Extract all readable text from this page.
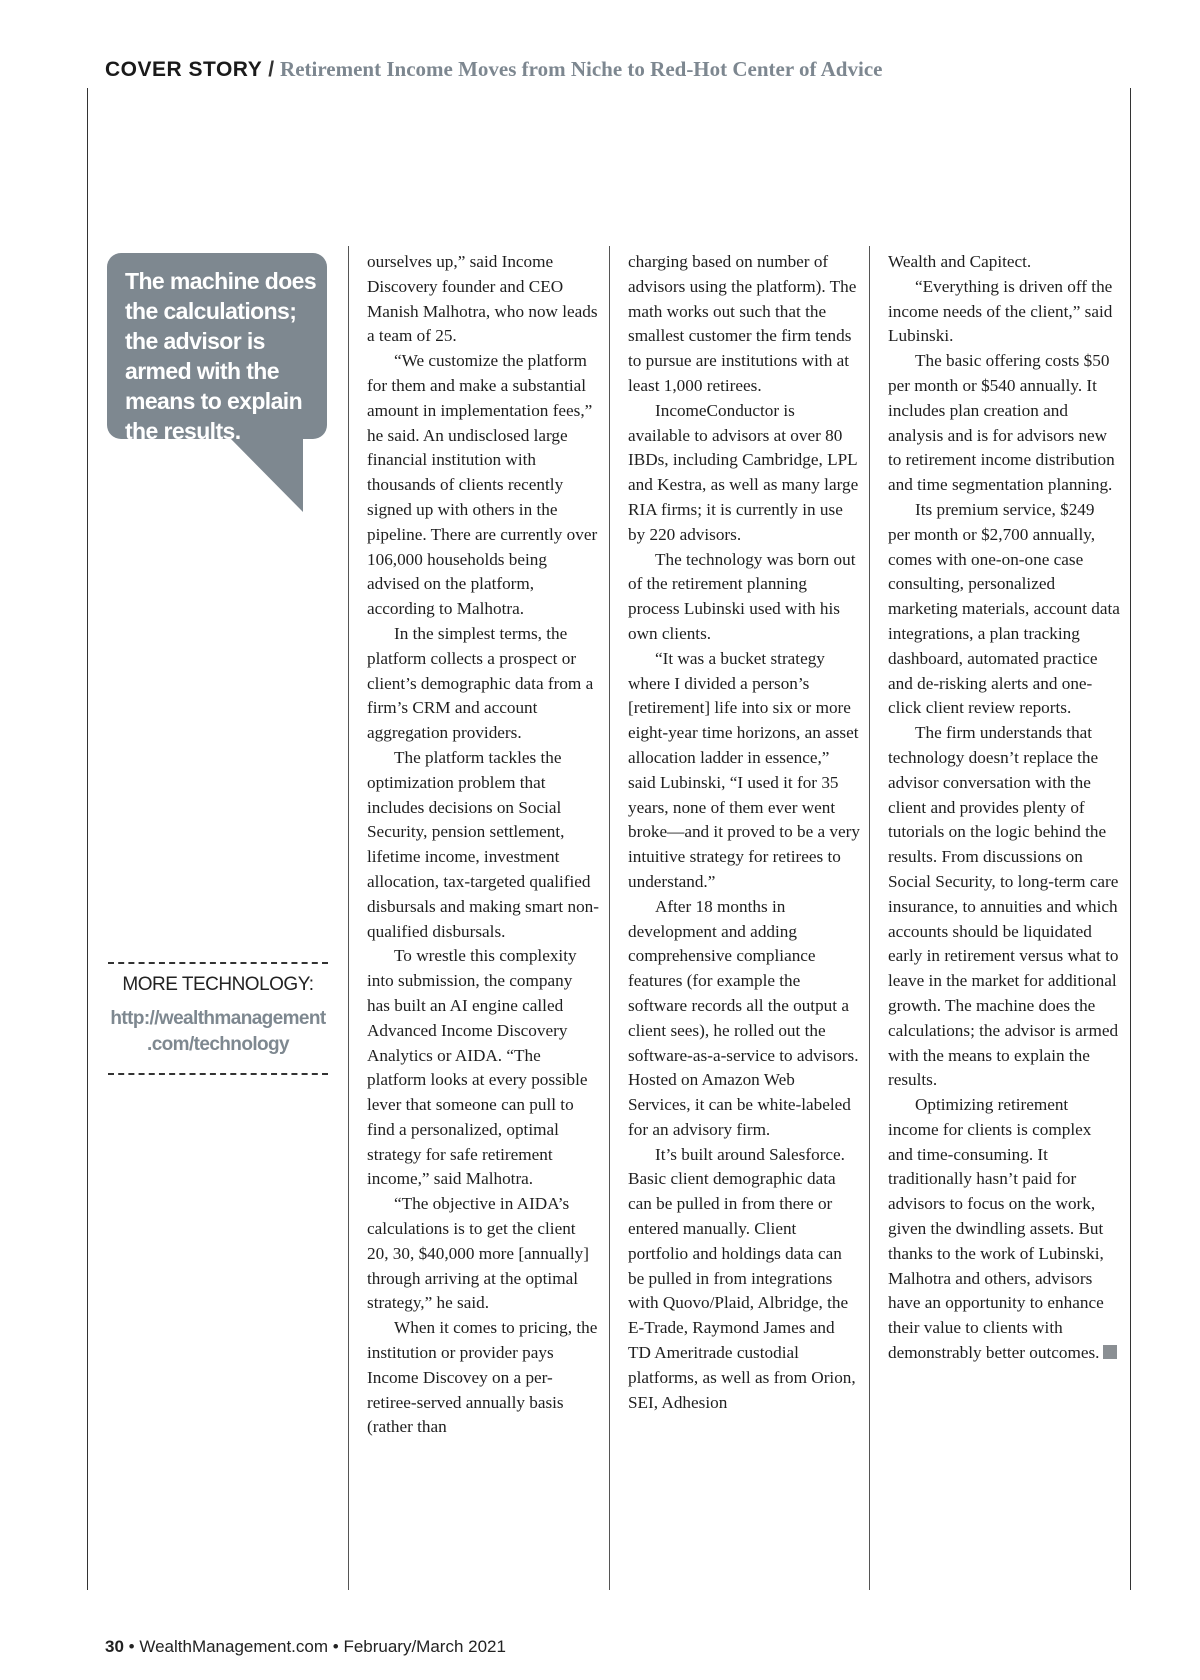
COVER STORY / Retirement Income Moves from Niche to Red-Hot Center of Advice
The machine does the calculations; the advisor is armed with the means to explain the results.
MORE TECHNOLOGY:
http://wealthmanagement
.com/technology

ourselves up,” said Income Discovery founder and CEO Manish Malhotra, who now leads a team of 25.

“We customize the platform for them and make a substantial amount in implementation fees,” he said. An undisclosed large financial institution with thousands of clients recently signed up with others in the pipeline. There are currently over 106,000 households being advised on the platform, according to Malhotra.

In the simplest terms, the platform collects a prospect or client’s demographic data from a firm’s CRM and account aggregation providers.

The platform tackles the optimization problem that includes decisions on Social Security, pension settlement, lifetime income, investment allocation, tax-targeted qualified disbursals and making smart non-qualified disbursals.

To wrestle this complexity into submission, the company has built an AI engine called Advanced Income Discovery Analytics or AIDA. “The platform looks at every possible lever that someone can pull to find a personalized, optimal strategy for safe retirement income,” said Malhotra.

“The objective in AIDA’s calculations is to get the client 20, 30, $40,000 more [annually] through arriving at the optimal strategy,” he said.

When it comes to pricing, the institution or provider pays Income Discovey on a per-retiree-served annually basis (rather than

charging based on number of advisors using the platform). The math works out such that the smallest customer the firm tends to pursue are institutions with at least 1,000 retirees.

IncomeConductor is available to advisors at over 80 IBDs, including Cambridge, LPL and Kestra, as well as many large RIA firms; it is currently in use by 220 advisors.

The technology was born out of the retirement planning process Lubinski used with his own clients.

“It was a bucket strategy where I divided a person’s [retirement] life into six or more eight-year time horizons, an asset allocation ladder in essence,” said Lubinski, “I used it for 35 years, none of them ever went broke—and it proved to be a very intuitive strategy for retirees to understand.”

After 18 months in development and adding comprehensive compliance features (for example the software records all the output a client sees), he rolled out the software-as-a-service to advisors. Hosted on Amazon Web Services, it can be white-labeled for an advisory firm.

It’s built around Salesforce. Basic client demographic data can be pulled in from there or entered manually. Client portfolio and holdings data can be pulled in from integrations with Quovo/Plaid, Albridge, the E-Trade, Raymond James and TD Ameritrade custodial platforms, as well as from Orion, SEI, Adhesion

Wealth and Capitect.

“Everything is driven off the income needs of the client,” said Lubinski.

The basic offering costs $50 per month or $540 annually. It includes plan creation and analysis and is for advisors new to retirement income distribution and time segmentation planning.

Its premium service, $249 per month or $2,700 annually, comes with one-on-one case consulting, personalized marketing materials, account data integrations, a plan tracking dashboard, automated practice and de-risking alerts and one-click client review reports.

The firm understands that technology doesn’t replace the advisor conversation with the client and provides plenty of tutorials on the logic behind the results. From discussions on Social Security, to long-term care insurance, to annuities and which accounts should be liquidated early in retirement versus what to leave in the market for additional growth. The machine does the calculations; the advisor is armed with the means to explain the results.

Optimizing retirement income for clients is complex and time-consuming. It traditionally hasn’t paid for advisors to focus on the work, given the dwindling assets. But thanks to the work of Lubinski, Malhotra and others, advisors have an opportunity to enhance their value to clients with demonstrably better outcomes.

30 • WealthManagement.com • February/March 2021
